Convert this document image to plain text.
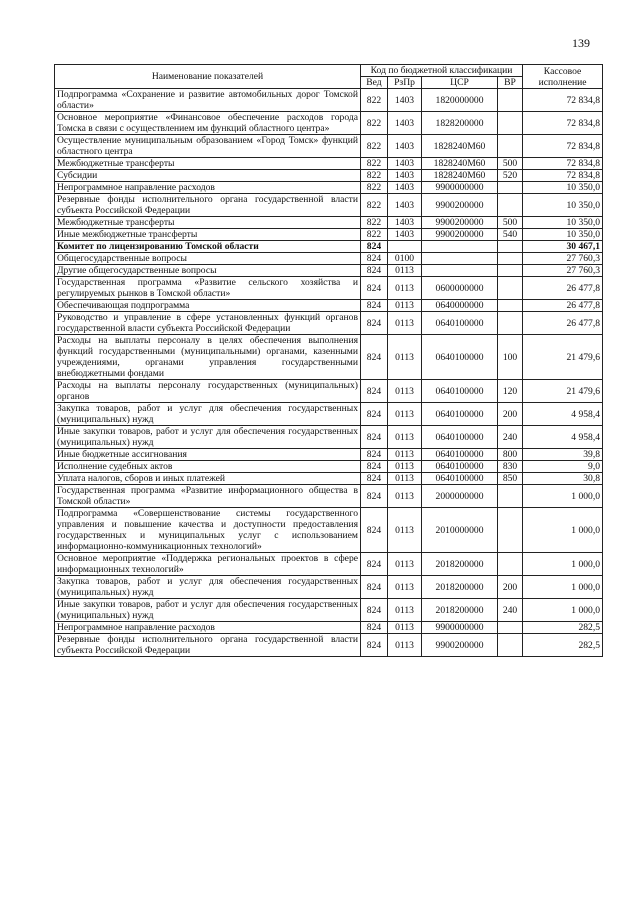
139
Наименование показателей	Код по бюджетной классификации				Кассовое исполнение
	Вед	РзПр	ЦСР	ВР	
Подпрограмма «Сохранение и развитие автомобильных дорог Томской области»	822	1403	1820000000		72 834,8
Основное мероприятие «Финансовое обеспечение расходов города Томска в связи с осуществлением им функций областного центра»	822	1403	1828200000		72 834,8
Осуществление муниципальным образованием «Город Томск» функций областного центра	822	1403	1828240М60		72 834,8
Межбюджетные трансферты	822	1403	1828240М60	500	72 834,8
Субсидии	822	1403	1828240М60	520	72 834,8
Непрограммное направление расходов	822	1403	9900000000		10 350,0
Резервные фонды исполнительного органа государственной власти субъекта Российской Федерации	822	1403	9900200000		10 350,0
Межбюджетные трансферты	822	1403	9900200000	500	10 350,0
Иные межбюджетные трансферты	822	1403	9900200000	540	10 350,0
Комитет по лицензированию Томской области	824				30 467,1
Общегосударственные вопросы	824	0100			27 760,3
Другие общегосударственные вопросы	824	0113			27 760,3
Государственная программа «Развитие сельского хозяйства и регулируемых рынков в Томской области»	824	0113	0600000000		26 477,8
Обеспечивающая подпрограмма	824	0113	0640000000		26 477,8
Руководство и управление в сфере установленных функций органов государственной власти субъекта Российской Федерации	824	0113	0640100000		26 477,8
Расходы на выплаты персоналу в целях обеспечения выполнения функций государственными (муниципальными) органами, казенными учреждениями, органами управления государственными внебюджетными фондами	824	0113	0640100000	100	21 479,6
Расходы на выплаты персоналу государственных (муниципальных) органов	824	0113	0640100000	120	21 479,6
Закупка товаров, работ и услуг для обеспечения государственных (муниципальных) нужд	824	0113	0640100000	200	4 958,4
Иные закупки товаров, работ и услуг для обеспечения государственных (муниципальных) нужд	824	0113	0640100000	240	4 958,4
Иные бюджетные ассигнования	824	0113	0640100000	800	39,8
Исполнение судебных актов	824	0113	0640100000	830	9,0
Уплата налогов, сборов и иных платежей	824	0113	0640100000	850	30,8
Государственная программа «Развитие информационного общества в Томской области»	824	0113	2000000000		1 000,0
Подпрограмма «Совершенствование системы государственного управления и повышение качества и доступности предоставления государственных и муниципальных услуг с использованием информационно-коммуникационных технологий»	824	0113	2010000000		1 000,0
Основное мероприятие «Поддержка региональных проектов в сфере информационных технологий»	824	0113	2018200000		1 000,0
Закупка товаров, работ и услуг для обеспечения государственных (муниципальных) нужд	824	0113	2018200000	200	1 000,0
Иные закупки товаров, работ и услуг для обеспечения государственных (муниципальных) нужд	824	0113	2018200000	240	1 000,0
Непрограммное направление расходов	824	0113	9900000000		282,5
Резервные фонды исполнительного органа государственной власти субъекта Российской Федерации	824	0113	9900200000		282,5
